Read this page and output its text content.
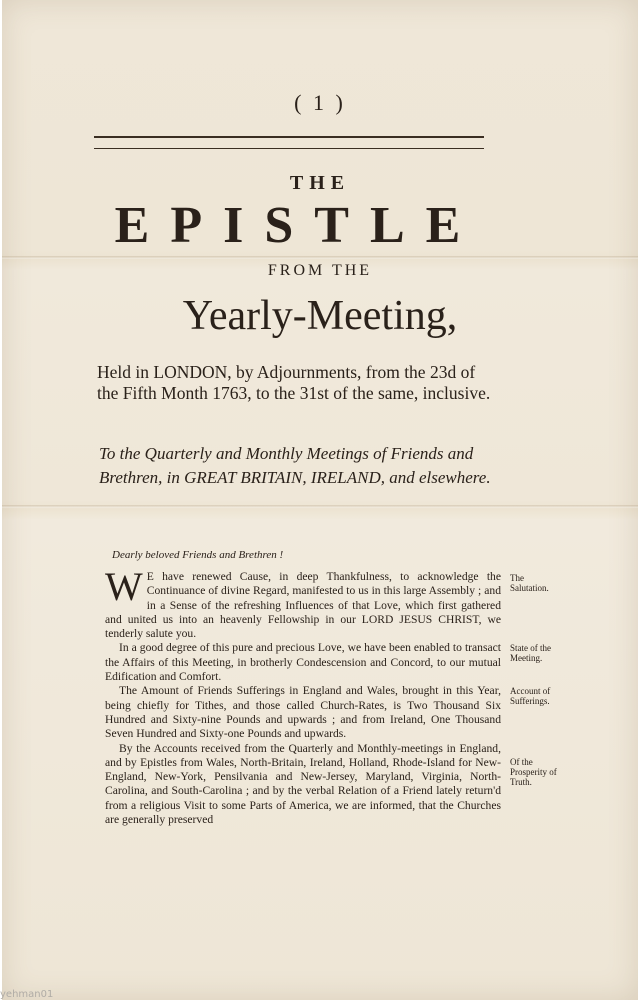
( 1 )
THE
EPISTLE
FROM THE
Yearly-Meeting,
Held in LONDON, by Adjournments, from the 23d of the Fifth Month 1763, to the 31st of the same, inclusive.
To the Quarterly and Monthly Meetings of Friends and Brethren, in GREAT BRITAIN, IRELAND, and elsewhere.
Dearly beloved Friends and Brethren !

W E have renewed Cause, in deep Thankfulness, to acknowledge the Continuance of divine Regard, manifested to us in this large Assembly ; and in a Sense of the refreshing Influences of that Love, which first gathered and united us into an heavenly Fellowship in our LORD JESUS CHRIST, we tenderly salute you.

In a good degree of this pure and precious Love, we have been enabled to transact the Affairs of this Meeting, in brotherly Condescension and Concord, to our mutual Edification and Comfort.

The Amount of Friends Sufferings in England and Wales, brought in this Year, being chiefly for Tithes, and those called Church-Rates, is Two Thousand Six Hundred and Sixty-nine Pounds and upwards ; and from Ireland, One Thousand Seven Hundred and Sixty-one Pounds and upwards.

By the Accounts received from the Quarterly and Monthly-meetings in England, and by Epistles from Wales, North-Britain, Ireland, Holland, Rhode-Island for New-England, New-York, Pensilvania and New-Jersey, Maryland, Virginia, North-Carolina, and South-Carolina ; and by the verbal Relation of a Friend lately return'd from a religious Visit to some Parts of America, we are informed, that the Churches are generally preserved

The Salutation.
State of the Meeting.
Account of Sufferings.
Of the Prosperity of Truth.
yehman01
